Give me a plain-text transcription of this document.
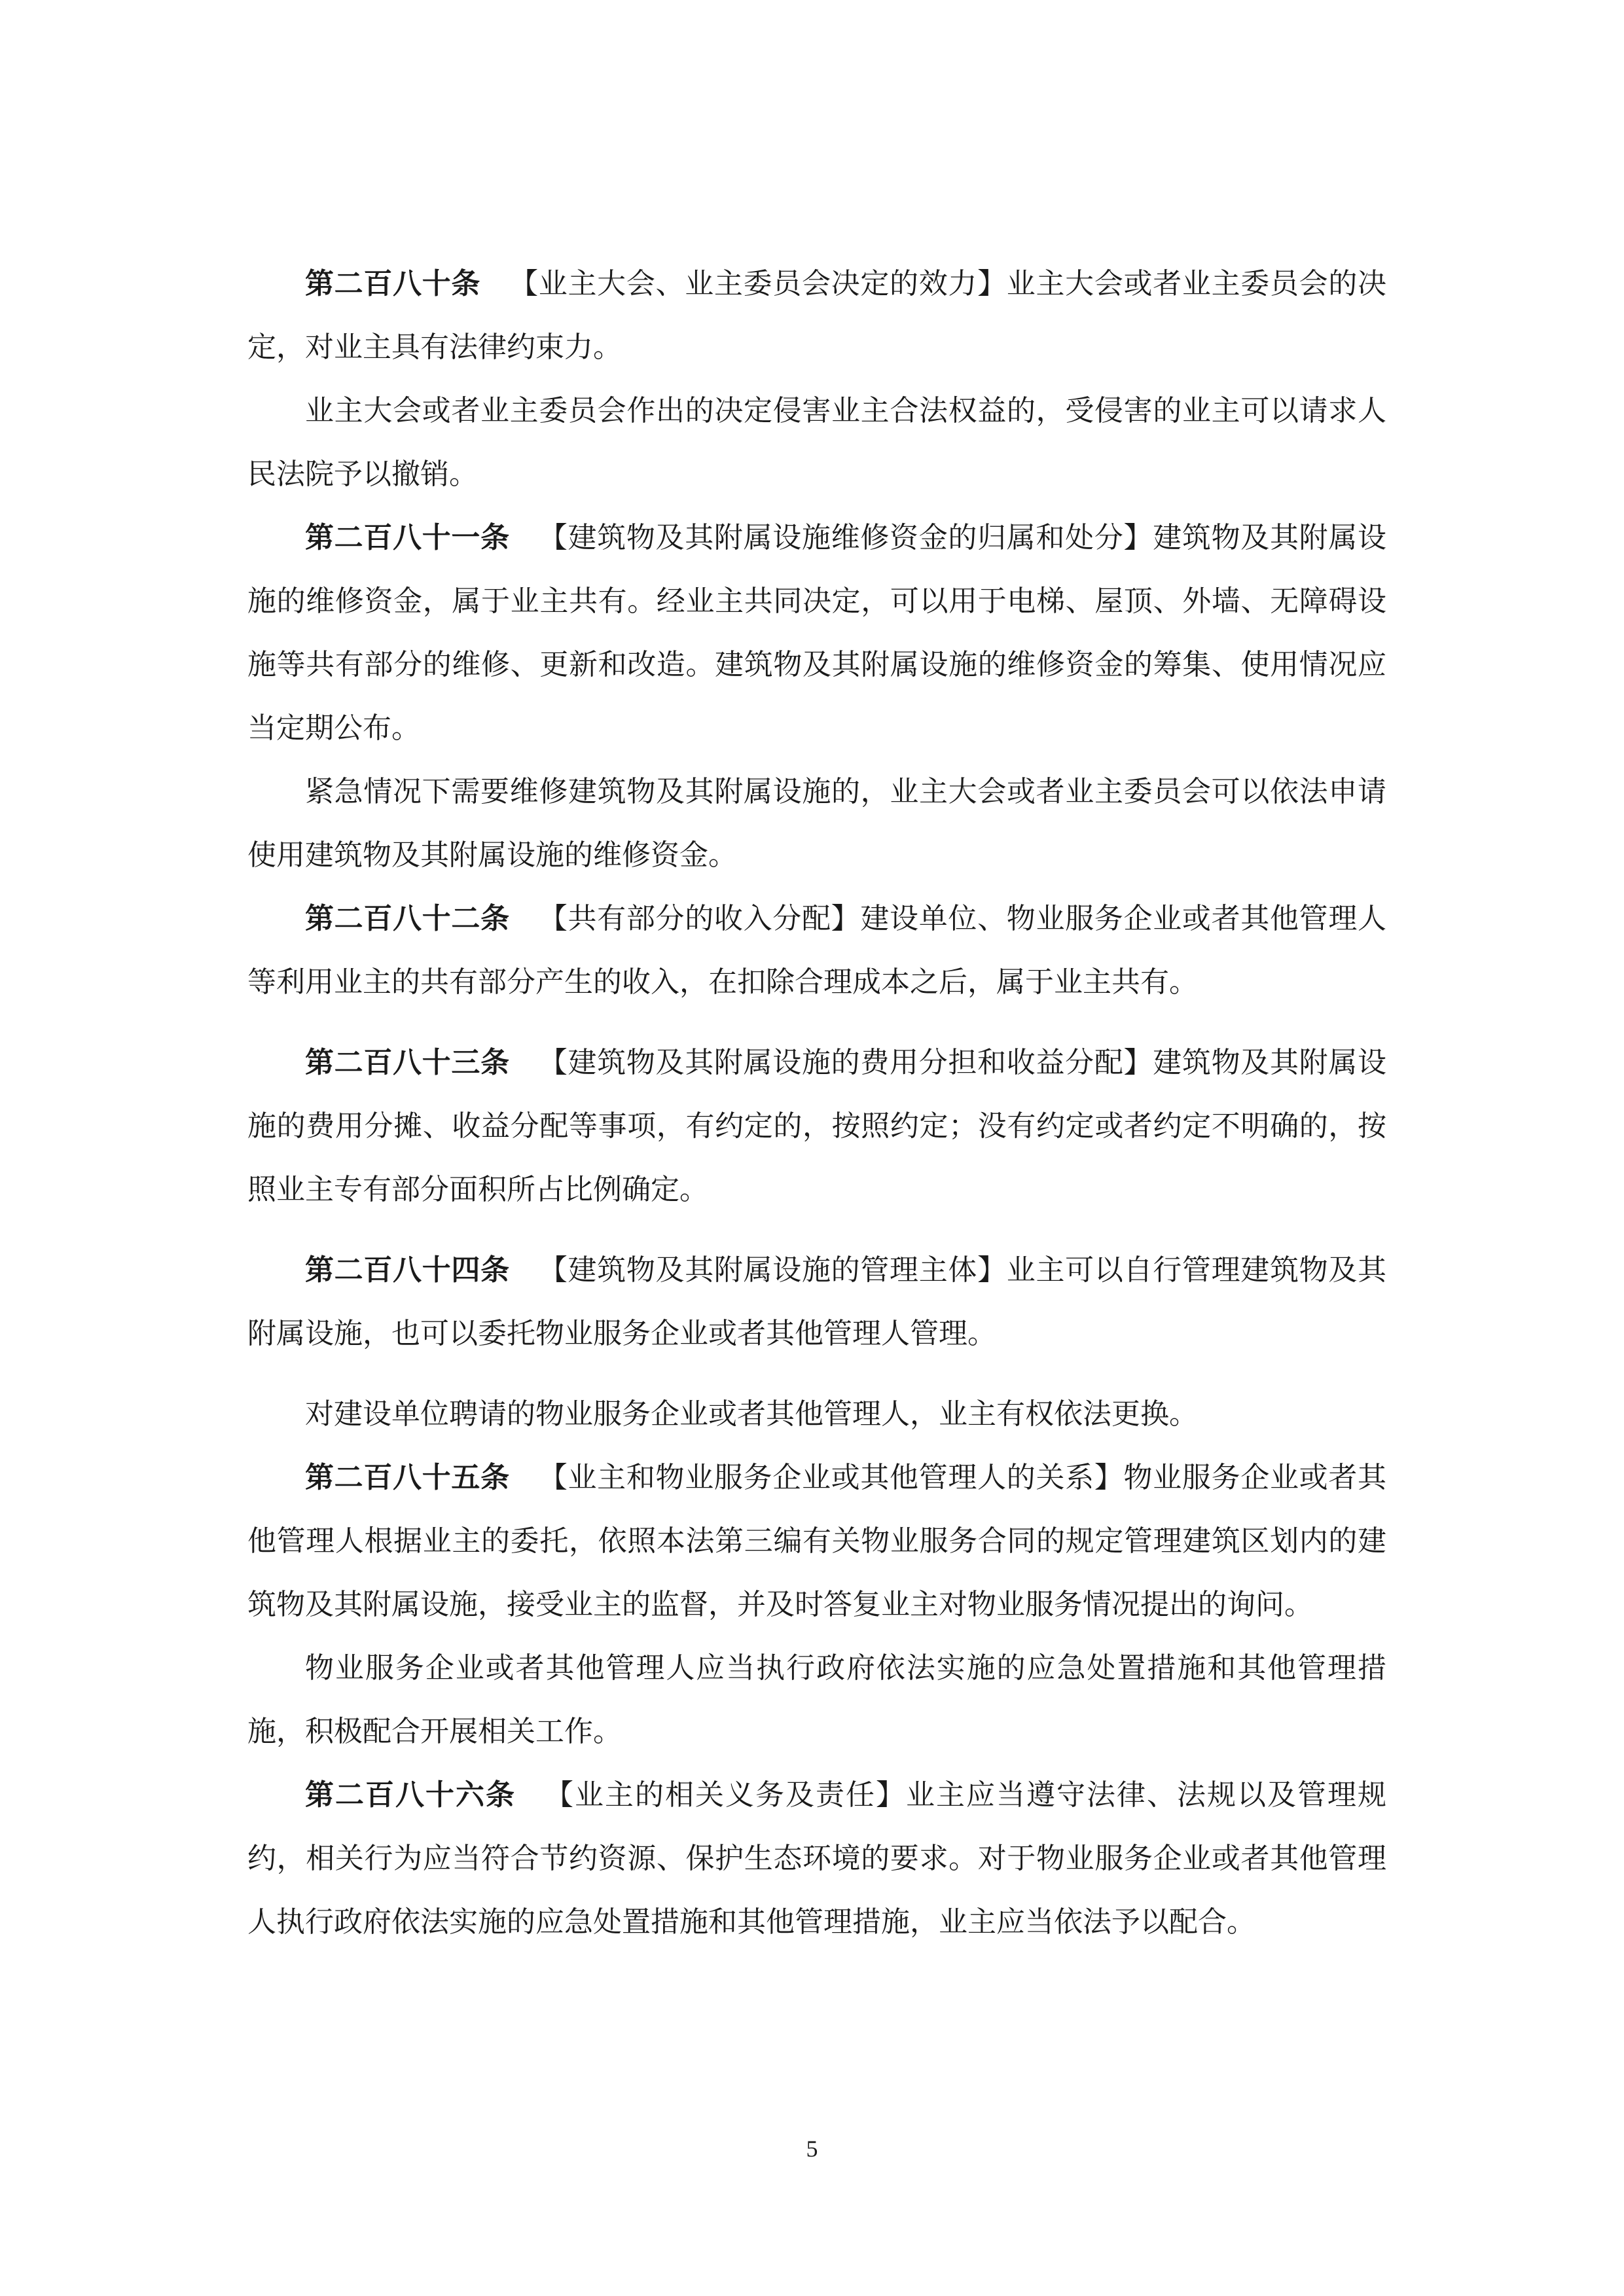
第二百八十条 【业主大会、业主委员会决定的效力】业主大会或者业主委员会的决定，对业主具有法律约束力。

业主大会或者业主委员会作出的决定侵害业主合法权益的，受侵害的业主可以请求人民法院予以撤销。

第二百八十一条 【建筑物及其附属设施维修资金的归属和处分】建筑物及其附属设施的维修资金，属于业主共有。经业主共同决定，可以用于电梯、屋顶、外墙、无障碍设施等共有部分的维修、更新和改造。建筑物及其附属设施的维修资金的筹集、使用情况应当定期公布。

紧急情况下需要维修建筑物及其附属设施的，业主大会或者业主委员会可以依法申请使用建筑物及其附属设施的维修资金。

第二百八十二条 【共有部分的收入分配】建设单位、物业服务企业或者其他管理人等利用业主的共有部分产生的收入，在扣除合理成本之后，属于业主共有。

第二百八十三条 【建筑物及其附属设施的费用分担和收益分配】建筑物及其附属设施的费用分摊、收益分配等事项，有约定的，按照约定；没有约定或者约定不明确的，按照业主专有部分面积所占比例确定。

第二百八十四条 【建筑物及其附属设施的管理主体】业主可以自行管理建筑物及其附属设施，也可以委托物业服务企业或者其他管理人管理。

对建设单位聘请的物业服务企业或者其他管理人，业主有权依法更换。

第二百八十五条 【业主和物业服务企业或其他管理人的关系】物业服务企业或者其他管理人根据业主的委托，依照本法第三编有关物业服务合同的规定管理建筑区划内的建筑物及其附属设施，接受业主的监督，并及时答复业主对物业服务情况提出的询问。

物业服务企业或者其他管理人应当执行政府依法实施的应急处置措施和其他管理措施，积极配合开展相关工作。

第二百八十六条 【业主的相关义务及责任】业主应当遵守法律、法规以及管理规约，相关行为应当符合节约资源、保护生态环境的要求。对于物业服务企业或者其他管理人执行政府依法实施的应急处置措施和其他管理措施，业主应当依法予以配合。

5
